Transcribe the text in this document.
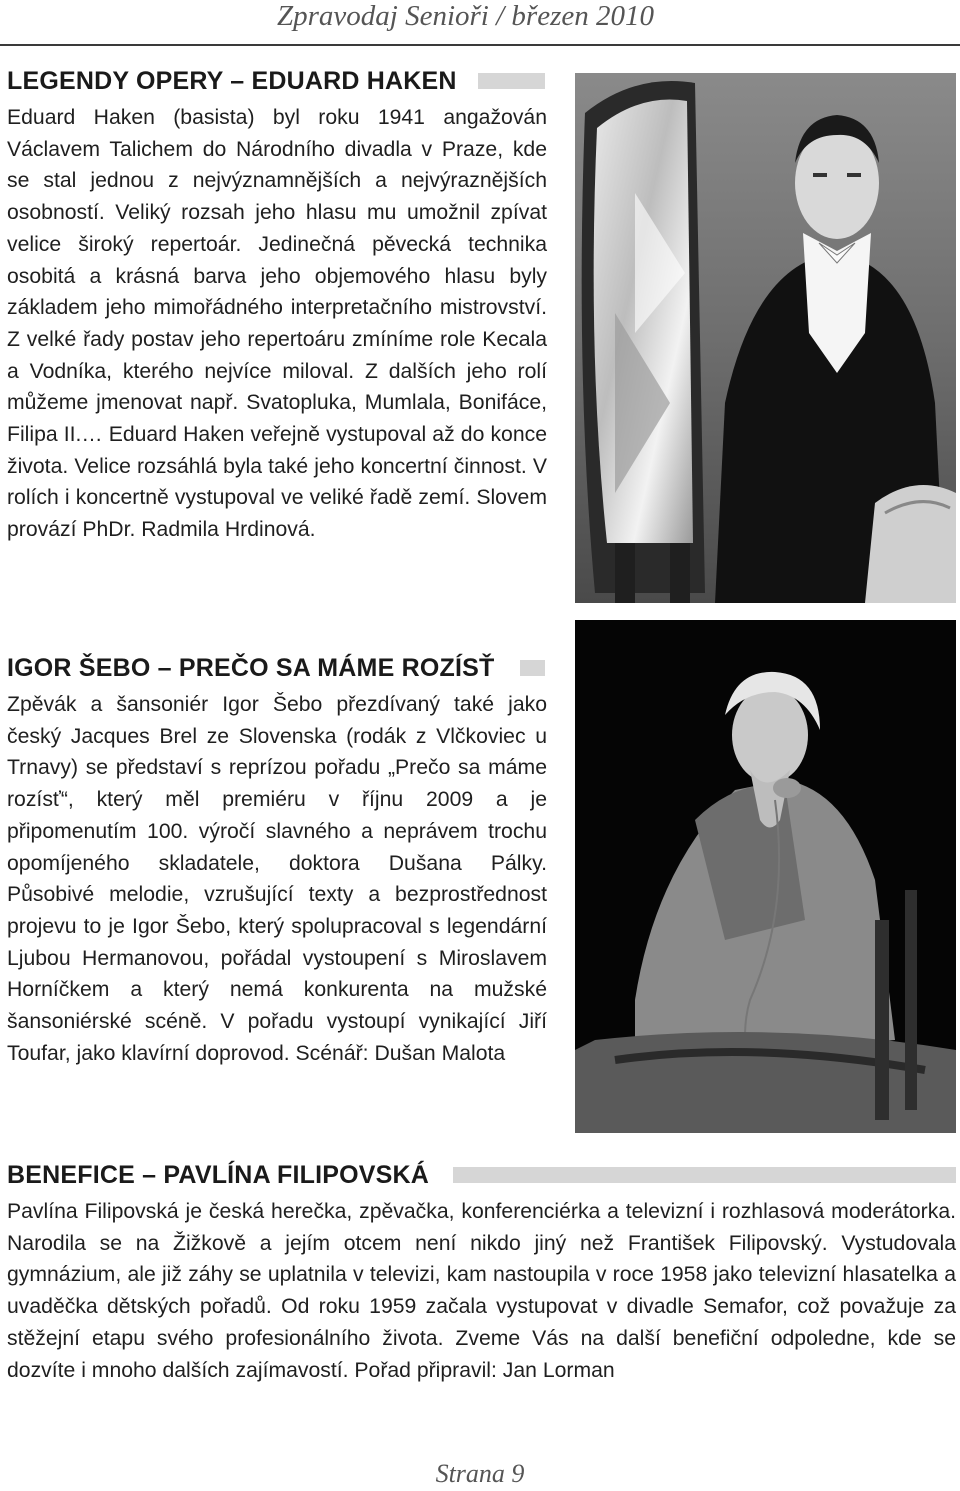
Zpravodaj Senioři / březen 2010
LEGENDY OPERY – EDUARD HAKEN

Eduard Haken (basista) byl roku 1941 angažován Václavem Talichem do Národního divadla v Praze, kde se stal jednou z nejvýznamnějších a nejvýraznějších osobností. Veliký rozsah jeho hlasu mu umožnil zpívat velice široký repertoár. Jedinečná pěvecká technika osobitá a krásná barva jeho objemového hlasu byly základem jeho mimořádného interpretačního mistrovství. Z velké řady postav jeho repertoáru zmíníme role Kecala a Vodníka, kterého nejvíce miloval. Z dalších jeho rolí můžeme jmenovat např. Svatopluka, Mumlala, Bonifáce, Filipa II.… Eduard Haken veřejně vystupoval až do konce života. Velice rozsáhlá byla také jeho koncertní činnost. V rolích i koncertně vystupoval ve veliké řadě zemí. Slovem provází PhDr. Radmila Hrdinová.

IGOR ŠEBO – PREČO SA MÁME ROZÍSŤ

Zpěvák a šansoniér Igor Šebo přezdívaný také jako český Jacques Brel ze Slovenska (rodák z Vlčkoviec u Trnavy) se představí s reprízou pořadu „Prečo sa máme rozísť“, který měl premiéru v říjnu 2009 a je připomenutím 100. výročí slavného a neprávem trochu opomíjeného skladatele, doktora Dušana Pálky. Působivé melodie, vzrušující texty a bezprostřednost projevu to je Igor Šebo, který spolupracoval s legendární Ljubou Hermanovou, pořádal vystoupení s Miroslavem Horníčkem a který nemá konkurenta na mužské šansoniérské scéně. V pořadu vystoupí vynikající Jiří Toufar, jako klavírní doprovod. Scénář: Dušan Malota

BENEFICE – PAVLÍNA FILIPOVSKÁ

Pavlína Filipovská je česká herečka, zpěvačka, konferenciérka a televizní i rozhlasová moderátorka. Narodila se na Žižkově a jejím otcem není nikdo jiný než František Filipovský. Vystudovala gymnázium, ale již záhy se uplatnila v televizi, kam nastoupila v roce 1958 jako televizní hlasatelka a uvaděčka dětských pořadů. Od roku 1959 začala vystupovat v divadle Semafor, což považuje za stěžejní etapu svého profesionálního života. Zveme Vás na další benefiční odpoledne, kde se dozvíte i mnoho dalších zajímavostí. Pořad připravil: Jan Lorman

Strana 9
